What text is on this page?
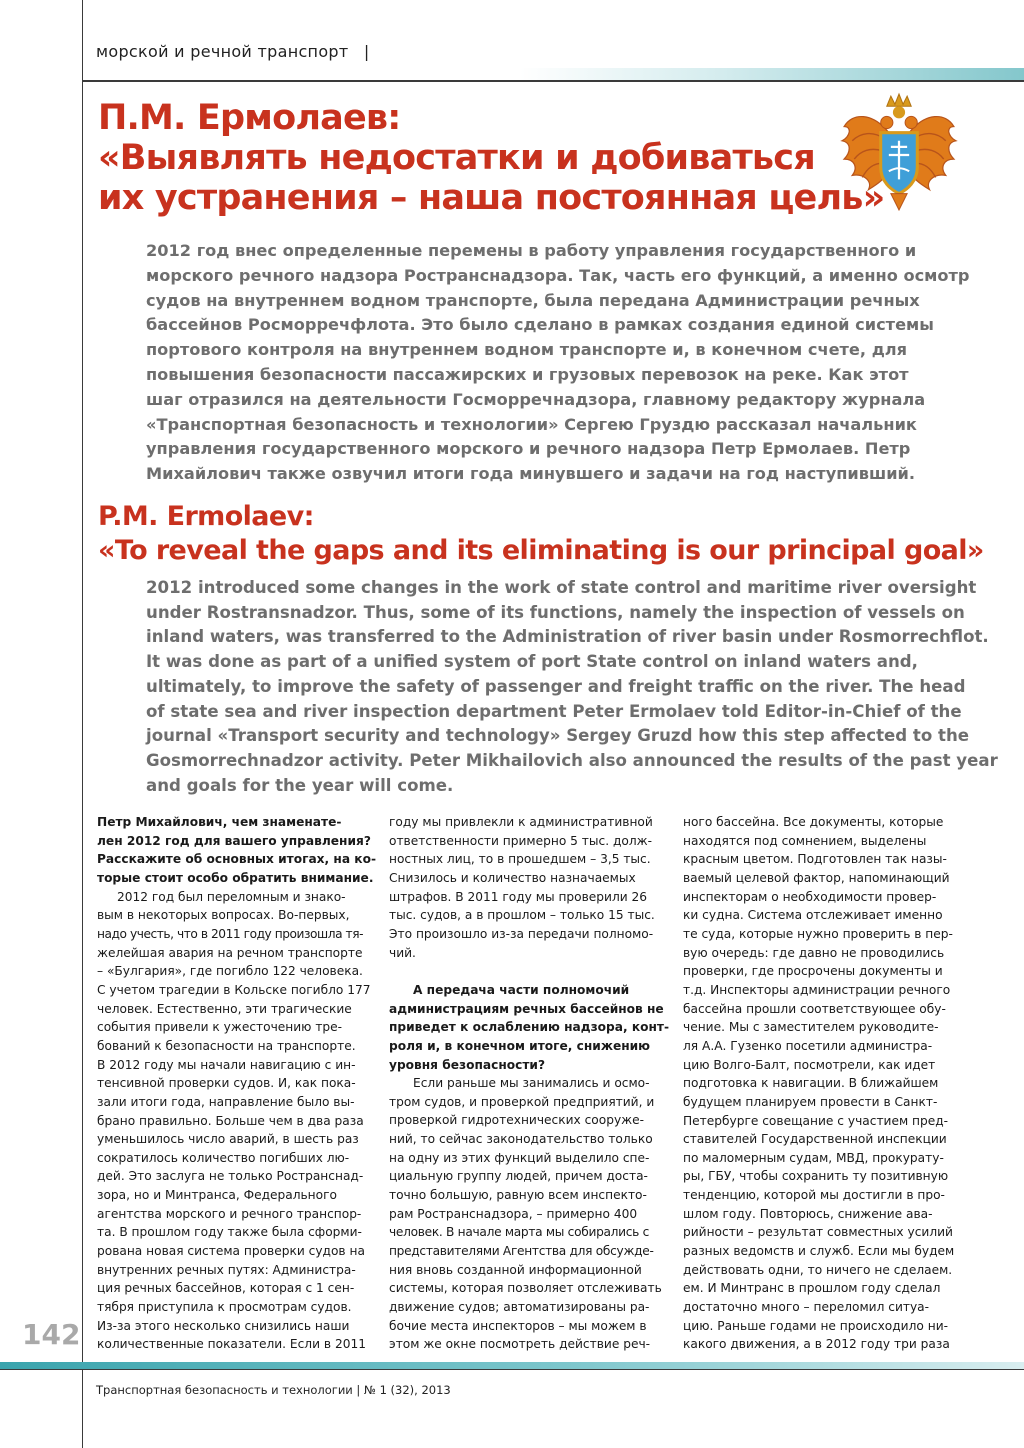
морской и речной транспорт |
П.М. Ермолаев:
«Выявлять недостатки и добиваться
их устранения – наша постоянная цель»
2012 год внес определенные перемены в работу управления государственного и
морского речного надзора Ространснадзора. Так, часть его функций, а именно осмотр
судов на внутреннем водном транспорте, была передана Администрации речных
бассейнов Росморречфлота. Это было сделано в рамках создания единой системы
портового контроля на внутреннем водном транспорте и, в конечном счете, для
повышения безопасности пассажирских и грузовых перевозок на реке. Как этот
шаг отразился на деятельности Госморречнадзора, главному редактору журнала
«Транспортная безопасность и технологии» Сергею Груздю рассказал начальник
управления государственного морского и речного надзора Петр Ермолаев. Петр
Михайлович также озвучил итоги года минувшего и задачи на год наступивший.
P.M. Ermolaev:
«To reveal the gaps and its eliminating is our principal goal»
2012 introduced some changes in the work of state control and maritime river oversight
under Rostransnadzor. Thus, some of its functions, namely the inspection of vessels on
inland waters, was transferred to the Administration of river basin under Rosmorrechflot.
It was done as part of a unified system of port State control on inland waters and,
ultimately, to improve the safety of passenger and freight traffic on the river. The head
of state sea and river inspection department Peter Ermolaev told Editor-in-Chief of the
journal «Transport security and technology» Sergey Gruzd how this step affected to the
Gosmorrechnadzor activity. Peter Mikhailovich also announced the results of the past year
and goals for the year will come.
Петр Михайлович, чем знаменате-
лен 2012 год для вашего управления?
Расскажите об основных итогах, на ко-
торые стоит особо обратить внимание.
2012 год был переломным и знако-
вым в некоторых вопросах. Во-первых,
надо учесть, что в 2011 году произошла тя-
желейшая авария на речном транспорте
– «Булгария», где погибло 122 человека.
С учетом трагедии в Кольске погибло 177
человек. Естественно, эти трагические
события привели к ужесточению тре-
бований к безопасности на транспорте.
В 2012 году мы начали навигацию с ин-
тенсивной проверки судов. И, как пока-
зали итоги года, направление было вы-
брано правильно. Больше чем в два раза
уменьшилось число аварий, в шесть раз
сократилось количество погибших лю-
дей. Это заслуга не только Ространснад-
зора, но и Минтранса, Федерального
агентства морского и речного транспор-
та. В прошлом году также была сформи-
рована новая система проверки судов на
внутренних речных путях: Администра-
ция речных бассейнов, которая с 1 сен-
тября приступила к просмотрам судов.
Из-за этого несколько снизились наши
количественные показатели. Если в 2011
году мы привлекли к административной
ответственности примерно 5 тыс. долж-
ностных лиц, то в прошедшем – 3,5 тыс.
Снизилось и количество назначаемых
штрафов. В 2011 году мы проверили 26
тыс. судов, а в прошлом – только 15 тыс.
Это произошло из-за передачи полномо-
чий.
А передача части полномочий
администрациям речных бассейнов не
приведет к ослаблению надзора, конт-
роля и, в конечном итоге, снижению
уровня безопасности?
Если раньше мы занимались и осмо-
тром судов, и проверкой предприятий, и
проверкой гидротехнических сооруже-
ний, то сейчас законодательство только
на одну из этих функций выделило спе-
циальную группу людей, причем доста-
точно большую, равную всем инспекто-
рам Ространснадзора, – примерно 400
человек. В начале марта мы собирались с
представителями Агентства для обсужде-
ния вновь созданной информационной
системы, которая позволяет отслеживать
движение судов; автоматизированы ра-
бочие места инспекторов – мы можем в
этом же окне посмотреть действие реч-
ного бассейна. Все документы, которые
находятся под сомнением, выделены
красным цветом. Подготовлен так назы-
ваемый целевой фактор, напоминающий
инспекторам о необходимости провер-
ки судна. Система отслеживает именно
те суда, которые нужно проверить в пер-
вую очередь: где давно не проводились
проверки, где просрочены документы и
т.д. Инспекторы администрации речного
бассейна прошли соответствующее обу-
чение. Мы с заместителем руководите-
ля А.А. Гузенко посетили администра-
цию Волго-Балт, посмотрели, как идет
подготовка к навигации. В ближайшем
будущем планируем провести в Санкт-
Петербурге совещание с участием пред-
ставителей Государственной инспекции
по маломерным судам, МВД, прокурату-
ры, ГБУ, чтобы сохранить ту позитивную
тенденцию, которой мы достигли в про-
шлом году. Повторюсь, снижение ава-
рийности – результат совместных усилий
разных ведомств и служб. Если мы будем
действовать одни, то ничего не сделаем.
ем. И Минтранс в прошлом году сделал
достаточно много – переломил ситуа-
цию. Раньше годами не происходило ни-
какого движения, а в 2012 году три раза
142
Транспортная безопасность и технологии | № 1 (32), 2013
